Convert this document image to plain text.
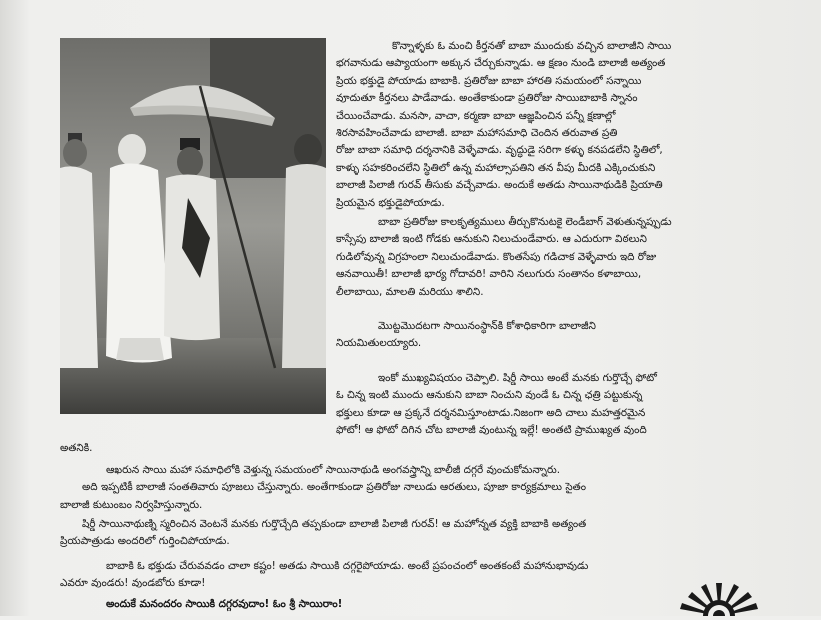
కొన్నాళ్ళకు ఓ మంచి కీర్తనతో బాబా ముందుకు వచ్చిన బాలాజీని సాయి
భగవానుడు ఆప్యాయంగా అక్కున చేర్చుకున్నాడు. ఆ క్షణం నుండి బాలాజీ అత్యంత
ప్రియ భక్తుడై పోయాడు బాబాకి. ప్రతిరోజు బాబా హారతి సమయంలో సన్నాయి
వూదుతూ కీర్తనలు పాడేవాడు. అంతేకాకుండా ప్రతిరోజు సాయిబాబాకి స్నానం
చేయించేవాడు. మనసా, వాచా, కర్మణా బాబా ఆజ్ఞపించిన పన్నీ క్షణాల్లో
శిరసావహించేవాడు బాలాజీ. బాబా మహాసమాధి చెందిన తరువాత ప్రతి
రోజు బాబా సమాధి దర్శనానికి వెళ్ళేవాడు. వృద్ధుడై సరిగా కళ్ళు కనపడలేని స్థితిలో,
కాళ్ళు సహకరించలేని స్థితిలో ఉన్న మహాల్సాపతిని తన వీపు మీదకి ఎక్కించుకుని
బాలాజీ పిలాజీ గురవ్ తీసుకు వచ్చేవాడు. అందుకే అతడు సాయినాథుడికి ప్రియాతి
ప్రియమైన భక్తుడైపోయాడు.
బాబా ప్రతిరోజు కాలకృత్యములు తీర్చుకొనుటకై లెండీబాగ్ వెళుతున్నప్పుడు
కాస్సేపు బాలాజీ ఇంటి గోడకు ఆనుకుని నిలుచుండేవారు. ఆ ఎదురుగా విఠలుని
గుడిలోవున్న విగ్రహంలా నిలుచుండేవాడు. కొంతసేపు గడిచాక వెళ్ళేవారు ఇది రోజు
ఆనవాయితీ! బాలాజీ భార్య గోదావరి! వారిని నలుగురు సంతానం కళాబాయి,
లీలాబాయి, మాలతి మరియు శాలిని.
మొట్టమొదటగా సాయినంస్థాన్‌కి కోశాధికారిగా బాలాజీని
నియమితులయ్యారు.
ఇంకో ముఖ్యవిషయం చెప్పాలి. షిర్డీ సాయి అంటే మనకు గుర్తొచ్చే ఫోటో
ఓ చిన్న ఇంటి ముందు ఆనుకుని బాబా నించుని వుండే ఓ చిన్న ఛత్రి పట్టుకున్న
భక్తులు కూడా ఆ ప్రక్కనే దర్శనమిస్తూంటాడు.నిజంగా అది చాలు మహత్తరమైన
ఫోటో! ఆ ఫోటో దిగిన చోట బాలాజీ వుంటున్న ఇల్లే! అంతటి ప్రాముఖ్యత వుంది
అతనికి.
ఆఖరున సాయి మహా సమాధిలోకి వెళ్తున్న సమయంలో సాయినాథుడి అంగవస్త్రాన్ని బాలీజీ దగ్గరే వుంచుకోమన్నారు.
అది ఇప్పటికీ బాలాజీ సంతతివారు పూజలు చేస్తున్నారు. అంతేగాకుండా ప్రతిరోజు నాలుడు ఆరతులు, పూజా కార్యక్రమాలు సైతం
బాలాజీ కుటుంబం నిర్వహిస్తున్నారు.
షిర్డీ సాయినాథుణ్ని స్మరించిన వెంటనే మనకు గుర్తొచ్చేది తప్పకుండా బాలాజీ పిలాజీ గురవ్! ఆ మహోన్నత వ్యక్తి బాబాకి అత్యంత
ప్రియపాత్రుడు అందరిలో గుర్తించిపోయాడు.
బాబాకి ఓ భక్తుడు చేరువవడం చాలా కష్టం! అతడు సాయికి దగ్గరైపోయాడు. అంటే ప్రపంచంలో అంతకంటే మహానుభావుడు
ఎవరూ వుండరు! వుండబోరు కూడా!
అందుకే మనందరం సాయికి దగ్గరవుదాం! ఓం శ్రీ సాయిరాం!
